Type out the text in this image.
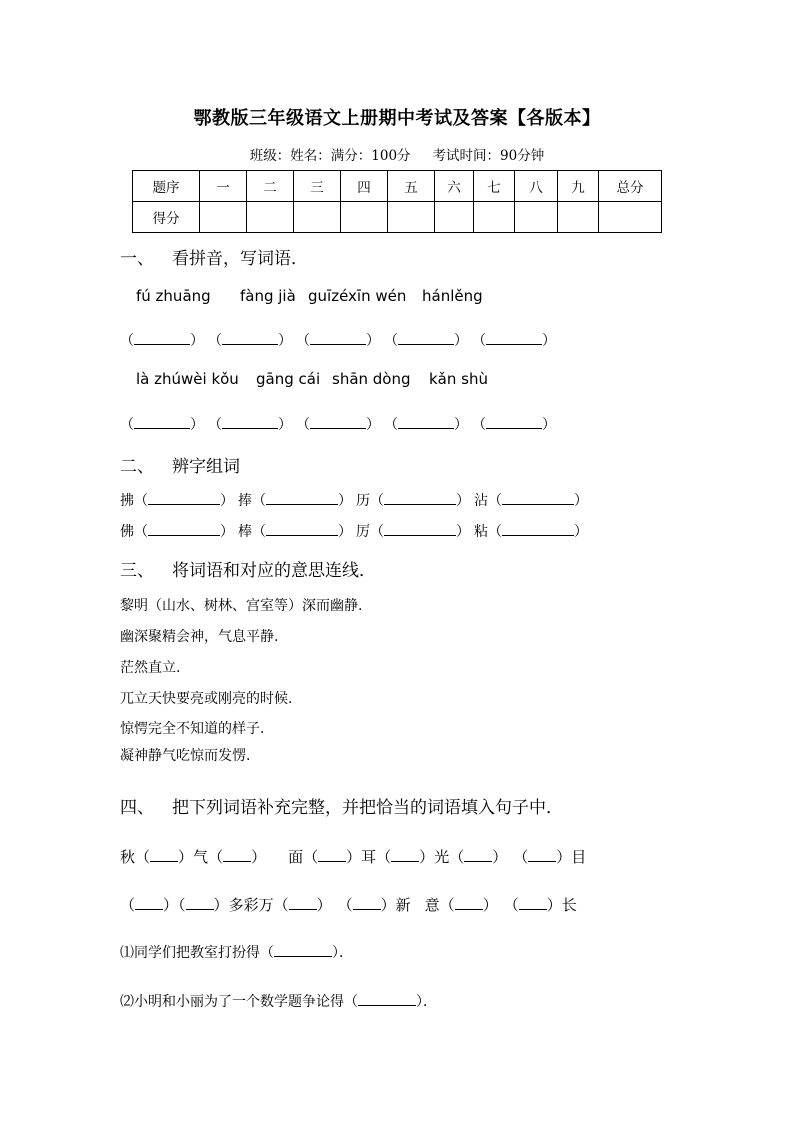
鄂教版三年级语文上册期中考试及答案【各版本】
班级：姓名：满分：100分 考试时间：90分钟
题序	一	二	三	四	五	六	七	八	九	总分
得分										
一、 看拼音，写词语．
fú zhuāng fàng jià guīzéxīn wén hánlěng
（	） （	） （	） （	） （	）
là zhúwèi kǒu gāng cái shān dòng kǎn shù
（	） （	） （	） （	） （	）
二、 辨字组词
拂（	） 捧（	） 历（	） 沾（	）
佛（	） 棒（	） 厉（	） 粘（	）
三、 将词语和对应的意思连线．
黎明（山水、树林、宫室等）深而幽静.
幽深聚精会神，气息平静.
茫然直立.
兀立天快要亮或刚亮的时候.
惊愕完全不知道的样子.
凝神静气吃惊而发愣.
四、 把下列词语补充完整，并把恰当的词语填入句子中．
秋（ ）气（ ） 面（ ）耳（ ）光（ ） （ ）目
（ ）（ ）多彩万（ ） （ ）新 意（ ） （ ）长
⑴同学们把教室打扮得（	）．
⑵小明和小丽为了一个数学题争论得（	）．
